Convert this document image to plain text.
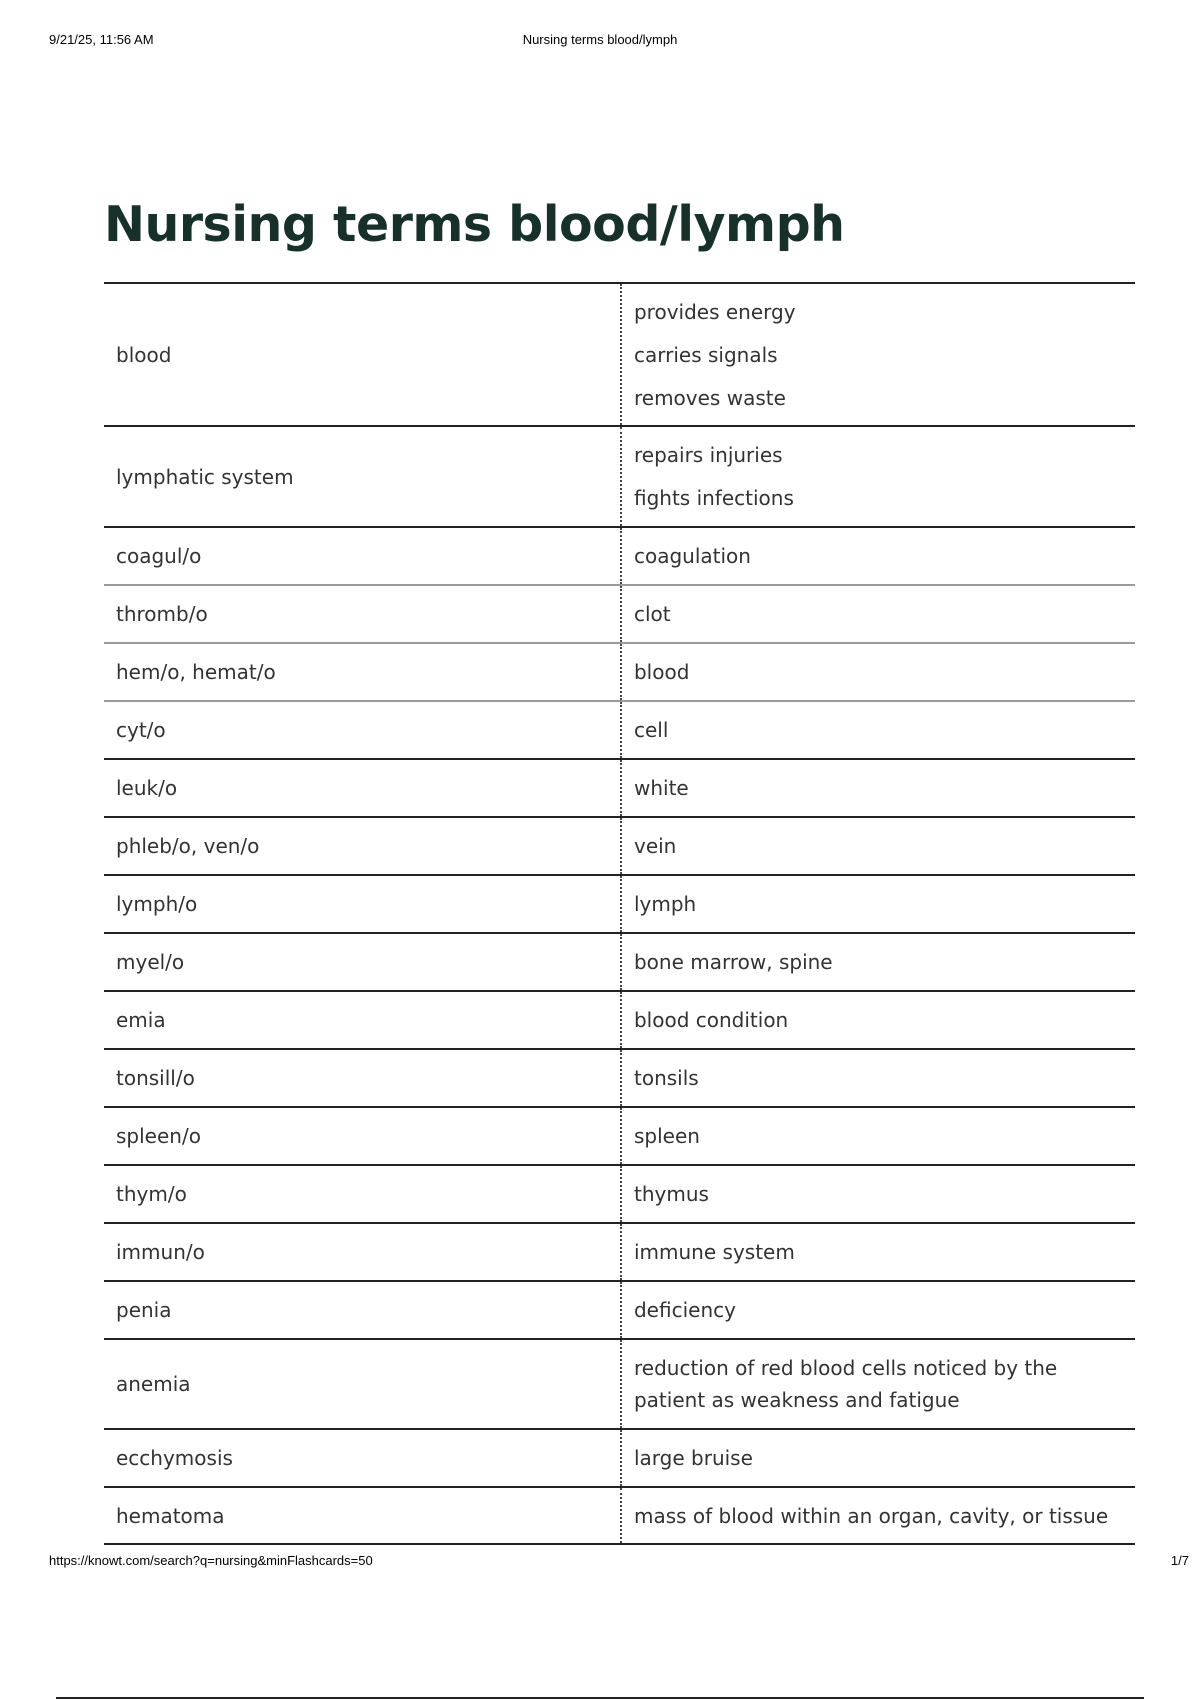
9/21/25, 11:56 AM	Nursing terms blood/lymph
Nursing terms blood/lymph
blood	provides energy
carries signals
removes waste

lymphatic system	repairs injuries
fights infections

coagul/o	coagulation
thromb/o	clot
hem/o, hemat/o	blood
cyt/o	cell
leuk/o	white
phleb/o, ven/o	vein
lymph/o	lymph
myel/o	bone marrow, spine
emia	blood condition
tonsill/o	tonsils
spleen/o	spleen
thym/o	thymus
immun/o	immune system
penia	deficiency
anemia	reduction of red blood cells noticed by the patient as weakness and fatigue

ecchymosis	large bruise
hematoma	mass of blood within an organ, cavity, or tissue
https://knowt.com/search?q=nursing&minFlashcards=50	1/7
